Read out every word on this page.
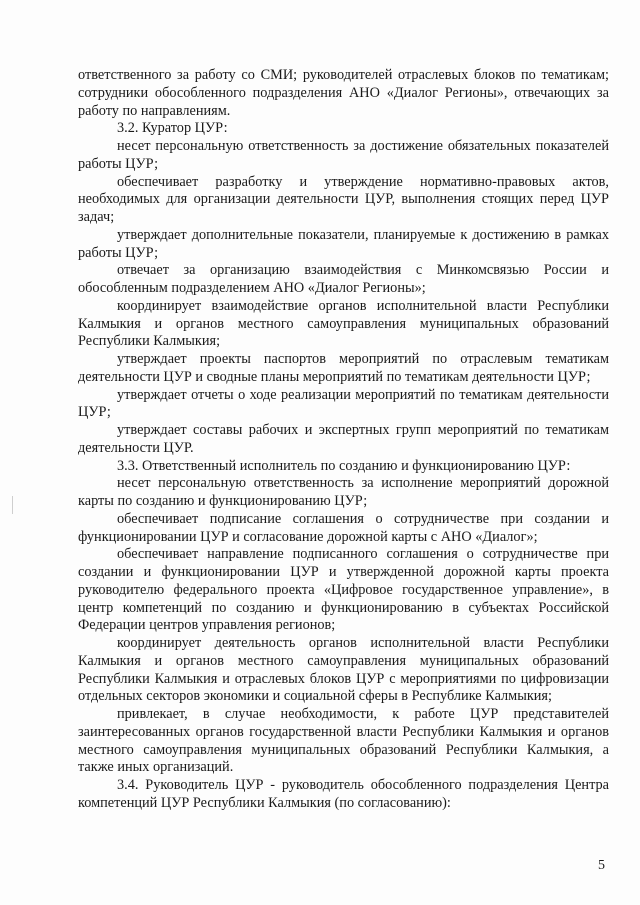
ответственного за работу со СМИ; руководителей отраслевых блоков по тематикам; сотрудники обособленного подразделения АНО «Диалог Регионы», отвечающих за работу по направлениям.

3.2. Куратор ЦУР:

несет персональную ответственность за достижение обязательных показателей работы ЦУР;

обеспечивает разработку и утверждение нормативно-правовых актов, необходимых для организации деятельности ЦУР, выполнения стоящих перед ЦУР задач;

утверждает дополнительные показатели, планируемые к достижению в рамках работы ЦУР;

отвечает за организацию взаимодействия с Минкомсвязью России и обособленным подразделением АНО «Диалог Регионы»;

координирует взаимодействие органов исполнительной власти Республики Калмыкия и органов местного самоуправления муниципальных образований Республики Калмыкия;

утверждает проекты паспортов мероприятий по отраслевым тематикам деятельности ЦУР и сводные планы мероприятий по тематикам деятельности ЦУР;

утверждает отчеты о ходе реализации мероприятий по тематикам деятельности ЦУР;

утверждает составы рабочих и экспертных групп мероприятий по тематикам деятельности ЦУР.

3.3. Ответственный исполнитель по созданию и функционированию ЦУР:

несет персональную ответственность за исполнение мероприятий дорожной карты по созданию и функционированию ЦУР;

обеспечивает подписание соглашения о сотрудничестве при создании и функционировании ЦУР и согласование дорожной карты с АНО «Диалог»;

обеспечивает направление подписанного соглашения о сотрудничестве при создании и функционировании ЦУР и утвержденной дорожной карты проекта руководителю федерального проекта «Цифровое государственное управление», в центр компетенций по созданию и функционированию в субъектах Российской Федерации центров управления регионов;

координирует деятельность органов исполнительной власти Республики Калмыкия и органов местного самоуправления муниципальных образований Республики Калмыкия и отраслевых блоков ЦУР с мероприятиями по цифровизации отдельных секторов экономики и социальной сферы в Республике Калмыкия;

привлекает, в случае необходимости, к работе ЦУР представителей заинтересованных органов государственной власти Республики Калмыкия и органов местного самоуправления муниципальных образований Республики Калмыкия, а также иных организаций.

3.4. Руководитель ЦУР - руководитель обособленного подразделения Центра компетенций ЦУР Республики Калмыкия (по согласованию):

5
